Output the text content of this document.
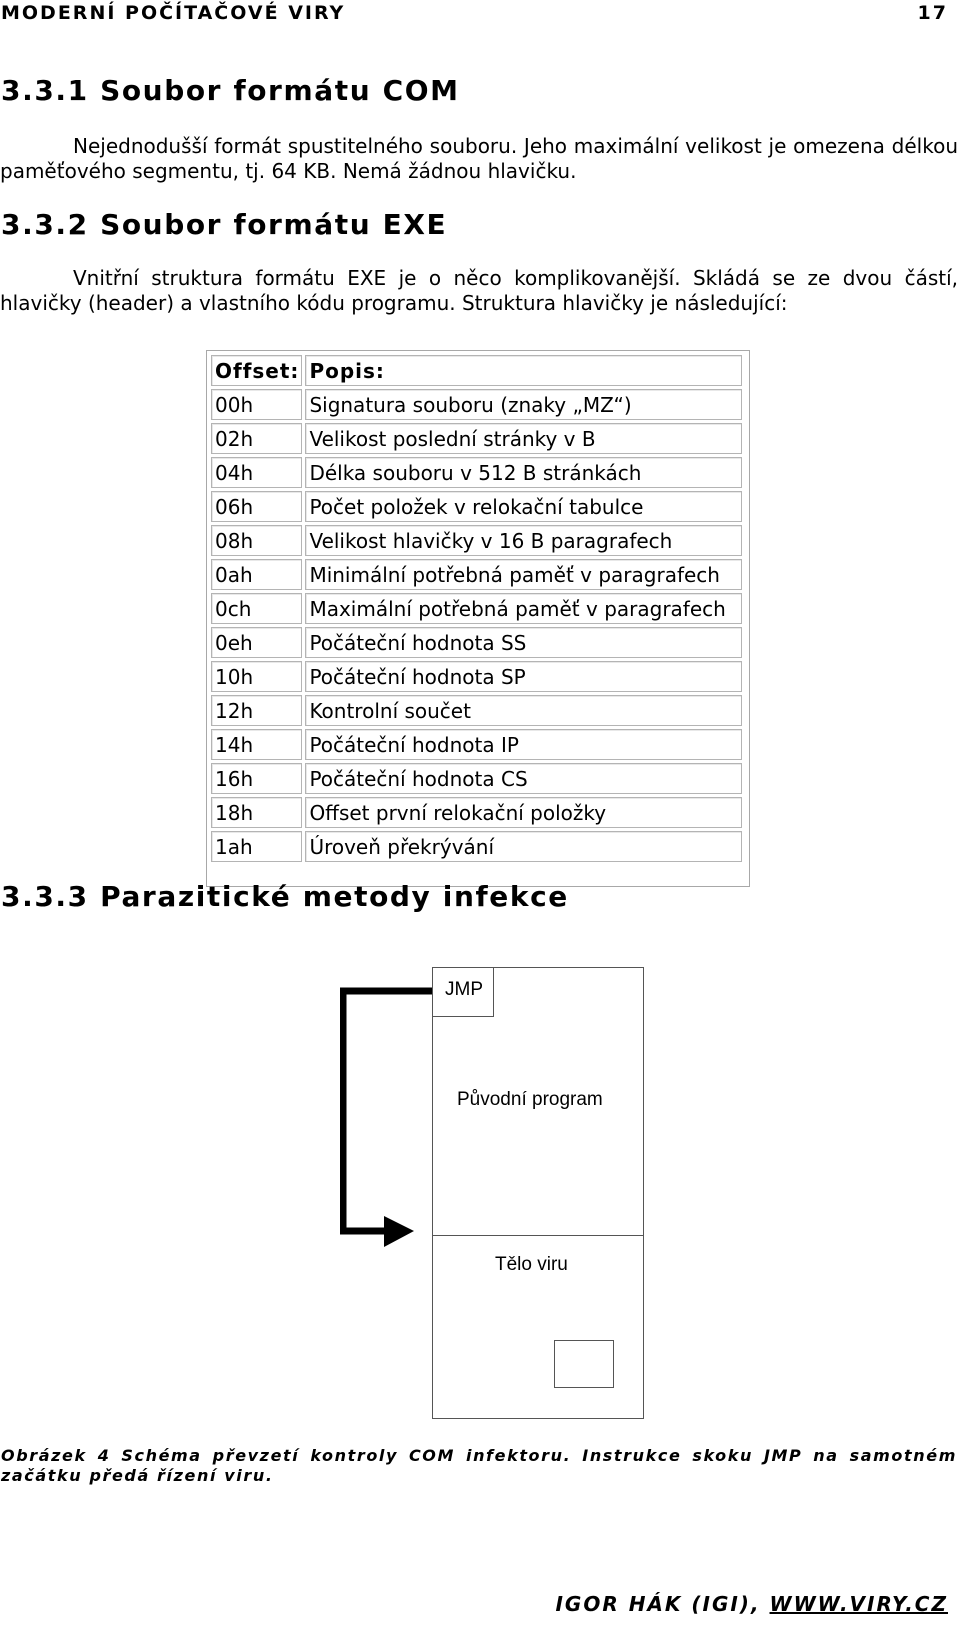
MODERNÍ POČÍTAČOVÉ VIRY	17
3.3.1 Soubor formátu COM

Nejednodušší formát spustitelného souboru. Jeho maximální velikost je omezena délkou paměťového segmentu, tj. 64 KB. Nemá žádnou hlavičku.

3.3.2 Soubor formátu EXE

Vnitřní struktura formátu EXE je o něco komplikovanější. Skládá se ze dvou částí, hlavičky (header) a vlastního kódu programu. Struktura hlavičky je následující:

Offset:	Popis:
00h	Signatura souboru (znaky „MZ“)
02h	Velikost poslední stránky v B
04h	Délka souboru v 512 B stránkách
06h	Počet položek v relokační tabulce
08h	Velikost hlavičky v 16 B paragrafech
0ah	Minimální potřebná paměť v paragrafech
0ch	Maximální potřebná paměť v paragrafech
0eh	Počáteční hodnota SS
10h	Počáteční hodnota SP
12h	Kontrolní součet
14h	Počáteční hodnota IP
16h	Počáteční hodnota CS
18h	Offset první relokační položky
1ah	Úroveň překrývání
3.3.3 Parazitické metody infekce
JMP
Původní program
Tělo viru

Obrázek 4 Schéma převzetí kontroly COM infektoru. Instrukce skoku JMP na samotném začátku předá řízení viru.

IGOR HÁK (IGI), WWW.VIRY.CZ
